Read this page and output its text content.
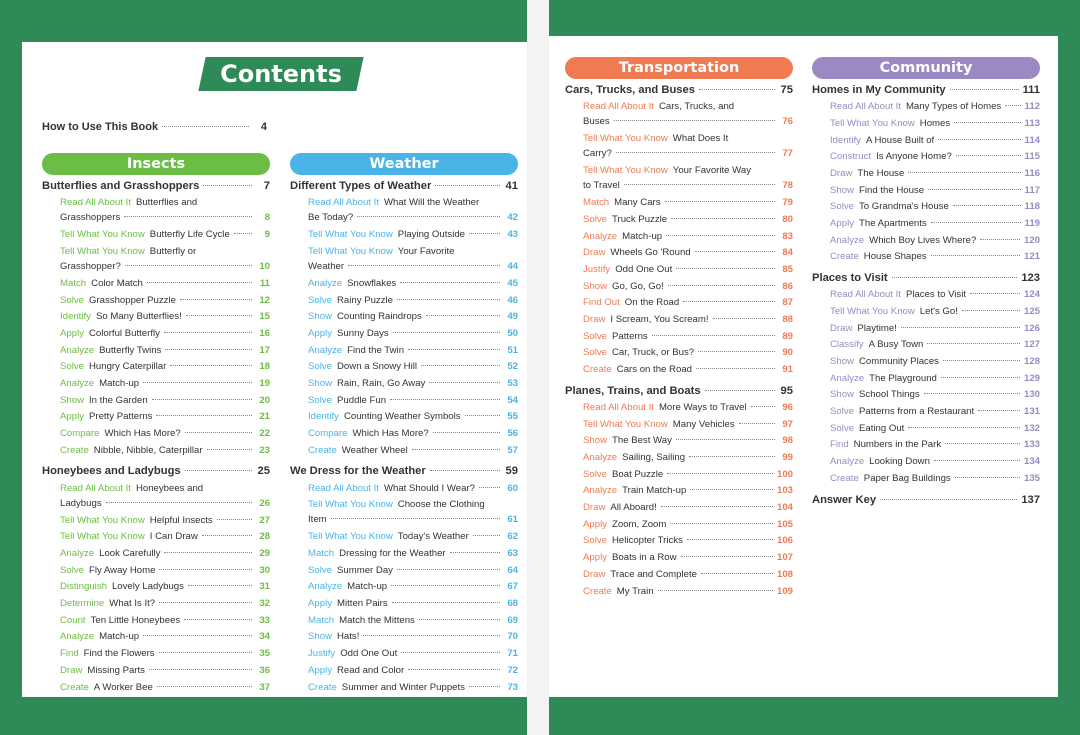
Contents
How to Use This Book	4
Insects
Butterflies and Grasshoppers	7
Read All About It Butterflies and
Grasshoppers	8
Tell What You Know Butterfly Life Cycle	9
Tell What You Know Butterfly or
Grasshopper?	10
Match Color Match	11
Solve Grasshopper Puzzle	12
Identify So Many Butterflies!	15
Apply Colorful Butterfly	16
Analyze Butterfly Twins	17
Solve Hungry Caterpillar	18
Analyze Match-up	19
Show In the Garden	20
Apply Pretty Patterns	21
Compare Which Has More?	22
Create Nibble, Nibble, Caterpillar	23
Honeybees and Ladybugs	25
Read All About It Honeybees and
Ladybugs	26
Tell What You Know Helpful Insects	27
Tell What You Know I Can Draw	28
Analyze Look Carefully	29
Solve Fly Away Home	30
Distinguish Lovely Ladybugs	31
Determine What Is It?	32
Count Ten Little Honeybees	33
Analyze Match-up	34
Find Find the Flowers	35
Draw Missing Parts	36
Create A Worker Bee	37
Weather
Different Types of Weather	41
Read All About It What Will the Weather
Be Today?	42
Tell What You Know Playing Outside	43
Tell What You Know Your Favorite
Weather	44
Analyze Snowflakes	45
Solve Rainy Puzzle	46
Show Counting Raindrops	49
Apply Sunny Days	50
Analyze Find the Twin	51
Solve Down a Snowy Hill	52
Show Rain, Rain, Go Away	53
Solve Puddle Fun	54
Identify Counting Weather Symbols	55
Compare Which Has More?	56
Create Weather Wheel	57
We Dress for the Weather	59
Read All About It What Should I Wear?	60
Tell What You Know Choose the Clothing
Item	61
Tell What You Know Today's Weather	62
Match Dressing for the Weather	63
Solve Summer Day	64
Analyze Match-up	67
Apply Mitten Pairs	68
Match Match the Mittens	69
Show Hats!	70
Justify Odd One Out	71
Apply Read and Color	72
Create Summer and Winter Puppets	73
Transportation
Cars, Trucks, and Buses	75
Read All About It Cars, Trucks, and
Buses	76
Tell What You Know What Does It
Carry?	77
Tell What You Know Your Favorite Way
to Travel	78
Match Many Cars	79
Solve Truck Puzzle	80
Analyze Match-up	83
Draw Wheels Go 'Round	84
Justify Odd One Out	85
Show Go, Go, Go!	86
Find Out On the Road	87
Draw I Scream, You Scream!	88
Solve Patterns	89
Solve Car, Truck, or Bus?	90
Create Cars on the Road	91
Planes, Trains, and Boats	95
Read All About It More Ways to Travel	96
Tell What You Know Many Vehicles	97
Show The Best Way	98
Analyze Sailing, Sailing	99
Solve Boat Puzzle	100
Analyze Train Match-up	103
Draw All Aboard!	104
Apply Zoom, Zoom	105
Solve Helicopter Tricks	106
Apply Boats in a Row	107
Draw Trace and Complete	108
Create My Train	109
Community
Homes in My Community	111
Read All About It Many Types of Homes 112
Tell What You Know Homes	113
Identify A House Built of	114
Construct Is Anyone Home?	115
Draw The House	116
Show Find the House	117
Solve To Grandma's House	118
Apply The Apartments	119
Analyze Which Boy Lives Where?	120
Create House Shapes	121
Places to Visit	123
Read All About It Places to Visit	124
Tell What You Know Let's Go!	125
Draw Playtime!	126
Classify A Busy Town	127
Show Community Places	128
Analyze The Playground	129
Show School Things	130
Solve Patterns from a Restaurant	131
Solve Eating Out	132
Find Numbers in the Park	133
Analyze Looking Down	134
Create Paper Bag Buildings	135
Answer Key	137
